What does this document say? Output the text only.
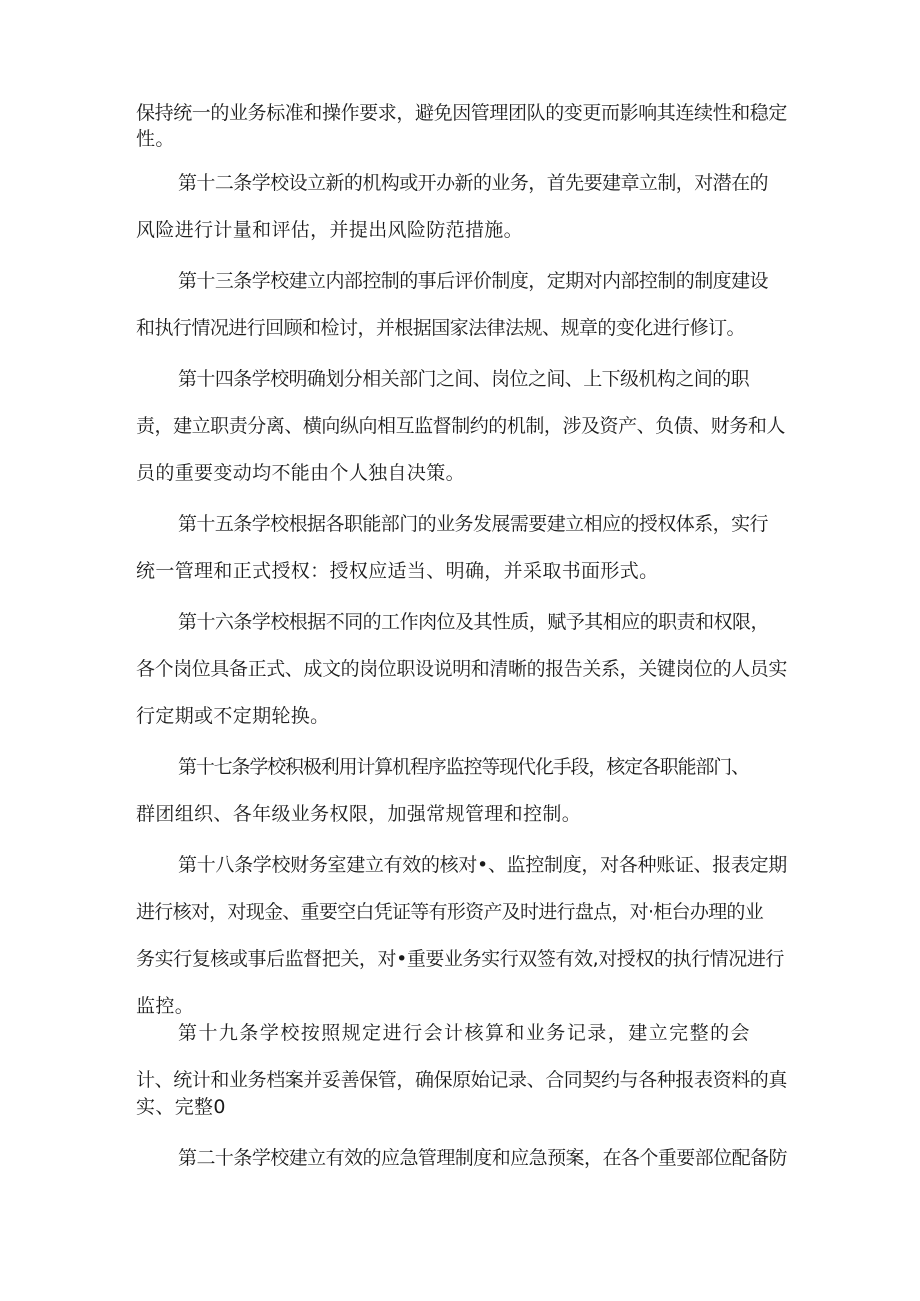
保持统一的业务标准和操作要求，避免因管理团队的变更而影响其连续性和稳定
性。
第十二条学校设立新的机构或开办新的业务，首先要建章立制，对潜在的
风险进行计量和评估，并提出风险防范措施。
第十三条学校建立内部控制的事后评价制度，定期对内部控制的制度建设
和执行情况进行回顾和检讨，并根据国家法律法规、规章的变化进行修订。
第十四条学校明确划分相关部门之间、岗位之间、上下级机构之间的职
责，建立职责分离、横向纵向相互监督制约的机制，涉及资产、负债、财务和人
员的重要变动均不能由个人独自决策。
第十五条学校根据各职能部门的业务发展需要建立相应的授权体系，实行
统一管理和正式授权：授权应适当、明确，并采取书面形式。
第十六条学校根据不同的工作肉位及其性质，赋予其相应的职责和权限，
各个岗位具备正式、成文的岗位职设说明和清晰的报告关系，关键岗位的人员实
行定期或不定期轮换。
第十七条学校积极利用计算机程序监控等现代化手段，核定各职能部门、
群团组织、各年级业务权限，加强常规管理和控制。
第十八条学校财务室建立有效的核对•、监控制度，对各种账证、报表定期
进行核对，对现金、重要空白凭证等有形资产及时进行盘点，对·柜台办理的业
务实行复核或事后监督把关，对•重要业务实行双签有效,对授权的执行情况进行
监控。
第十九条学校按照规定进行会计核算和业务记录，建立完整的会
计、统计和业务档案并妥善保管，确保原始记录、合同契约与各种报表资料的真
实、完整0
第二十条学校建立有效的应急管理制度和应急预案，在各个重要部位配备防
